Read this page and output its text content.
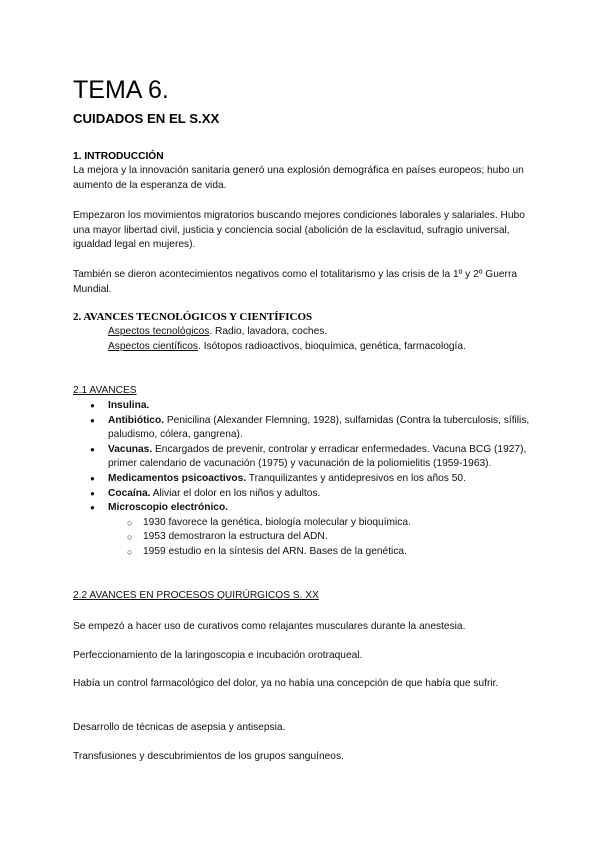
TEMA 6.
CUIDADOS EN EL S.XX
1. INTRODUCCIÓN

La mejora y la innovación sanitaria generó una explosión demográfica en países europeos; hubo un aumento de la esperanza de vida.

Empezaron los movimientos migratorios buscando mejores condiciones laborales y salariales. Hubo una mayor libertad civil, justicia y conciencia social (abolición de la esclavitud, sufragio universal, igualdad legal en mujeres).

También se dieron acontecimientos negativos como el totalitarismo y las crisis de la 1º y 2º Guerra Mundial.

2. AVANCES TECNOLÓGICOS Y CIENTÍFICOS
Aspectos tecnológicos. Radio, lavadora, coches.
Aspectos científicos. Isótopos radioactivos, bioquímica, genética, farmacología.
2.1 AVANCES
● Insulina.
● Antibiótico. Penicilina (Alexander Flemning, 1928), sulfamidas (Contra la tuberculosis, sífilis, paludismo, cólera, gangrena).
● Vacunas. Encargados de prevenir, controlar y erradicar enfermedades. Vacuna BCG (1927), primer calendario de vacunación (1975) y vacunación de la poliomielitis (1959-1963).
● Medicamentos psicoactivos. Tranquilizantes y antidepresivos en los años 50.
● Cocaína. Aliviar el dolor en los niños y adultos.
● Microscopio electrónico.
○ 1930 favorece la genética, biología molecular y bioquímica.
○ 1953 demostraron la estructura del ADN.
○ 1959 estudio en la síntesis del ARN. Bases de la genética.
2.2 AVANCES EN PROCESOS QUIRÚRGICOS S. XX

Se empezó a hacer uso de curativos como relajantes musculares durante la anestesia.

Perfeccionamiento de la laringoscopia e incubación orotraqueal.

Había un control farmacológico del dolor, ya no había una concepción de que había que sufrir.

Desarrollo de técnicas de asepsia y antisepsia.

Transfusiones y descubrimientos de los grupos sanguíneos.
